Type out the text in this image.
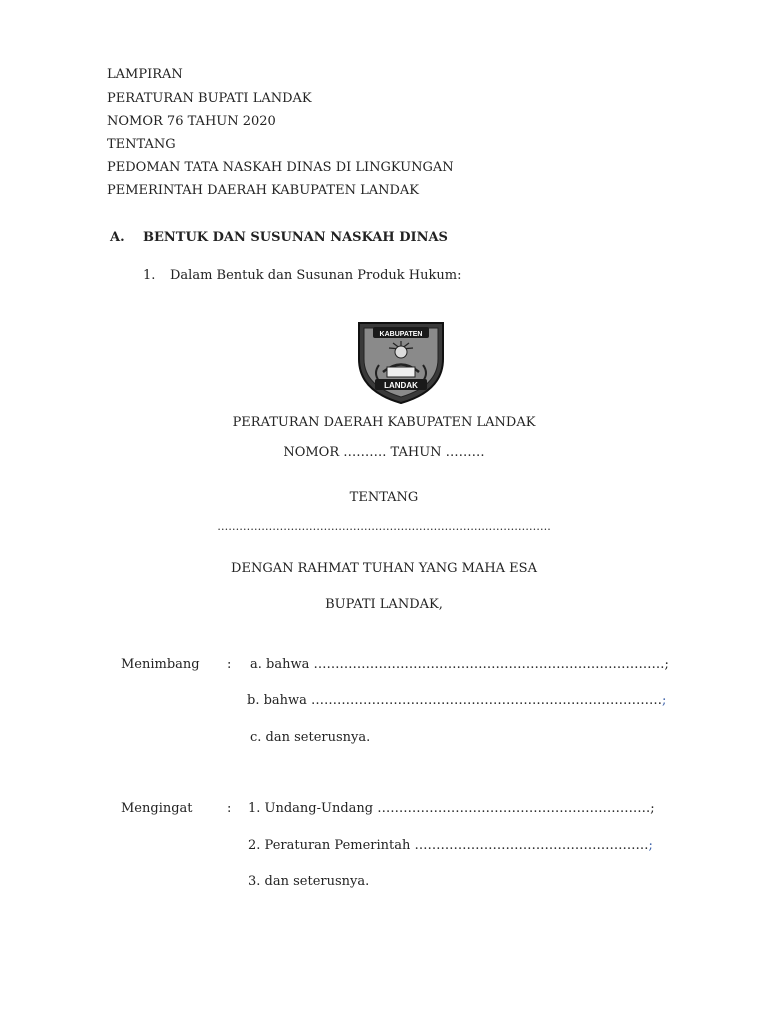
LAMPIRAN
PERATURAN BUPATI LANDAK
NOMOR 76 TAHUN 2020
TENTANG
PEDOMAN TATA NASKAH DINAS DI LINGKUNGAN
PEMERINTAH DAERAH KABUPATEN LANDAK
A. BENTUK DAN SUSUNAN NASKAH DINAS
1. Dalam Bentuk dan Susunan Produk Hukum:
KABUPATEN
LANDAK
PERATURAN DAERAH KABUPATEN LANDAK
NOMOR ………. TAHUN ………
TENTANG
……………………………………………………………………………….
DENGAN RAHMAT TUHAN YANG MAHA ESA
BUPATI LANDAK,
Menimbang : a. bahwa ………………………………………………………………………;
b. bahwa ………………………………………………………………………;
c. dan seterusnya.
Mengingat	: 1. Undang-Undang ………………………………………………………;
2. Peraturan Pemerintah ………………………………………………;
3. dan seterusnya.
